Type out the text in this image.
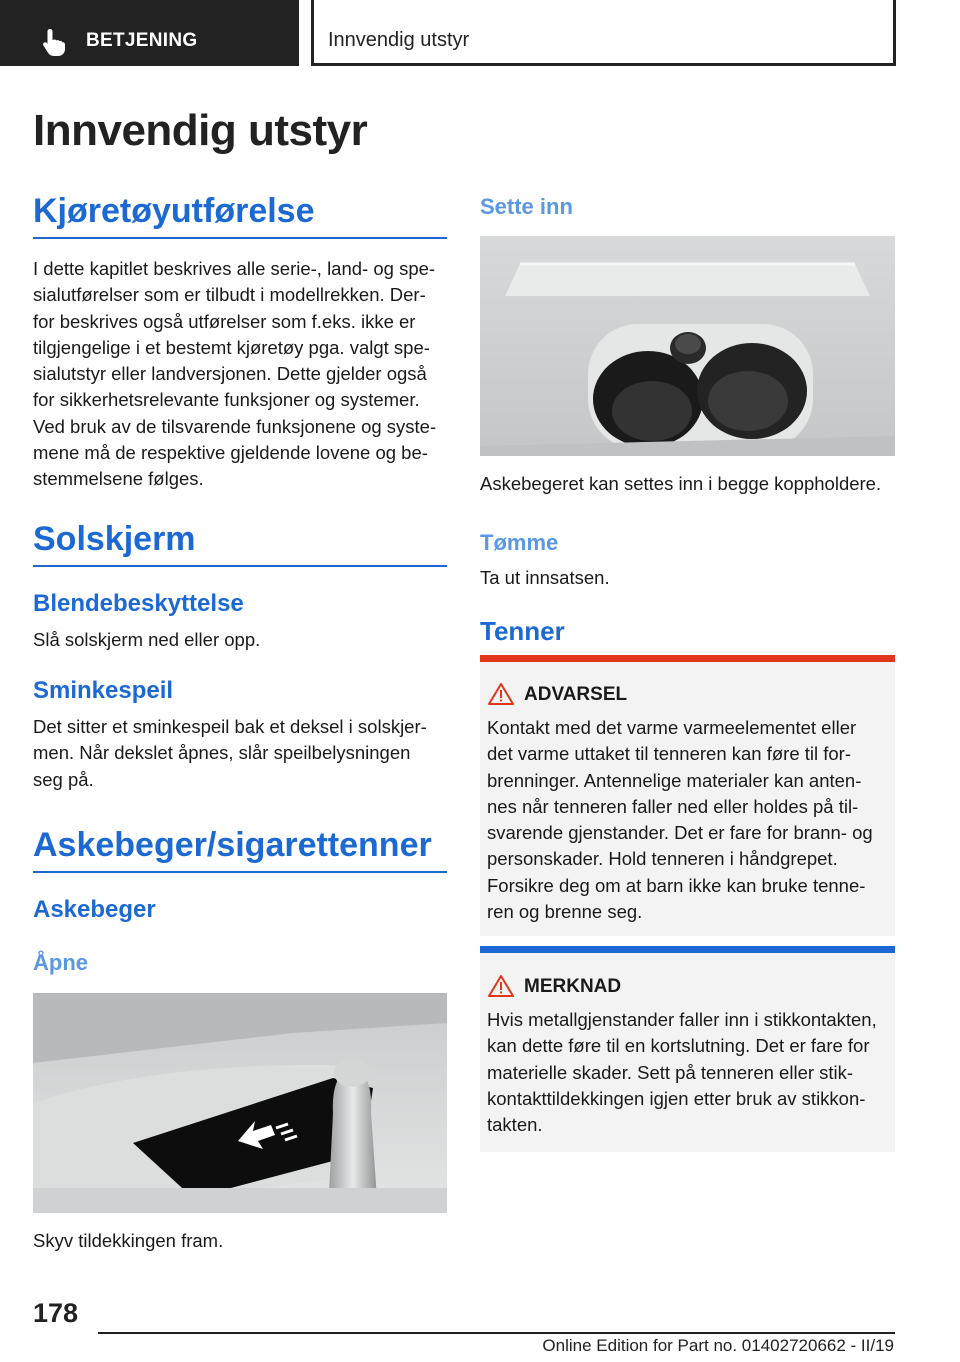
BETJENING	Innvendig utstyr
Innvendig utstyr
Kjøretøyutførelse
I dette kapitlet beskrives alle serie-, land- og spe-
sialutførelser som er tilbudt i modellrekken. Der-
for beskrives også utførelser som f.eks. ikke er
tilgjengelige i et bestemt kjøretøy pga. valgt spe-
sialutstyr eller landversjonen. Dette gjelder også
for sikkerhetsrelevante funksjoner og systemer.
Ved bruk av de tilsvarende funksjonene og syste-
mene må de respektive gjeldende lovene og be-
stemmelsene følges.
Solskjerm
Blendebeskyttelse
Slå solskjerm ned eller opp.
Sminkespeil
Det sitter et sminkespeil bak et deksel i solskjer-
men. Når dekslet åpnes, slår speilbelysningen
seg på.
Askebeger/sigarettenner
Askebeger
Åpne
Skyv tildekkingen fram.
Sette inn
Askebegeret kan settes inn i begge koppholdere.
Tømme
Ta ut innsatsen.
Tenner
ADVARSEL
Kontakt med det varme varmeelementet eller
det varme uttaket til tenneren kan føre til for-
brenninger. Antennelige materialer kan anten-
nes når tenneren faller ned eller holdes på til-
svarende gjenstander. Det er fare for brann- og
personskader. Hold tenneren i håndgrepet.
Forsikre deg om at barn ikke kan bruke tenne-
ren og brenne seg.
MERKNAD
Hvis metallgjenstander faller inn i stikkontakten,
kan dette føre til en kortslutning. Det er fare for
materielle skader. Sett på tenneren eller stik-
kontakttildekkingen igjen etter bruk av stikkon-
takten.
178
Online Edition for Part no. 01402720662 - II/19
